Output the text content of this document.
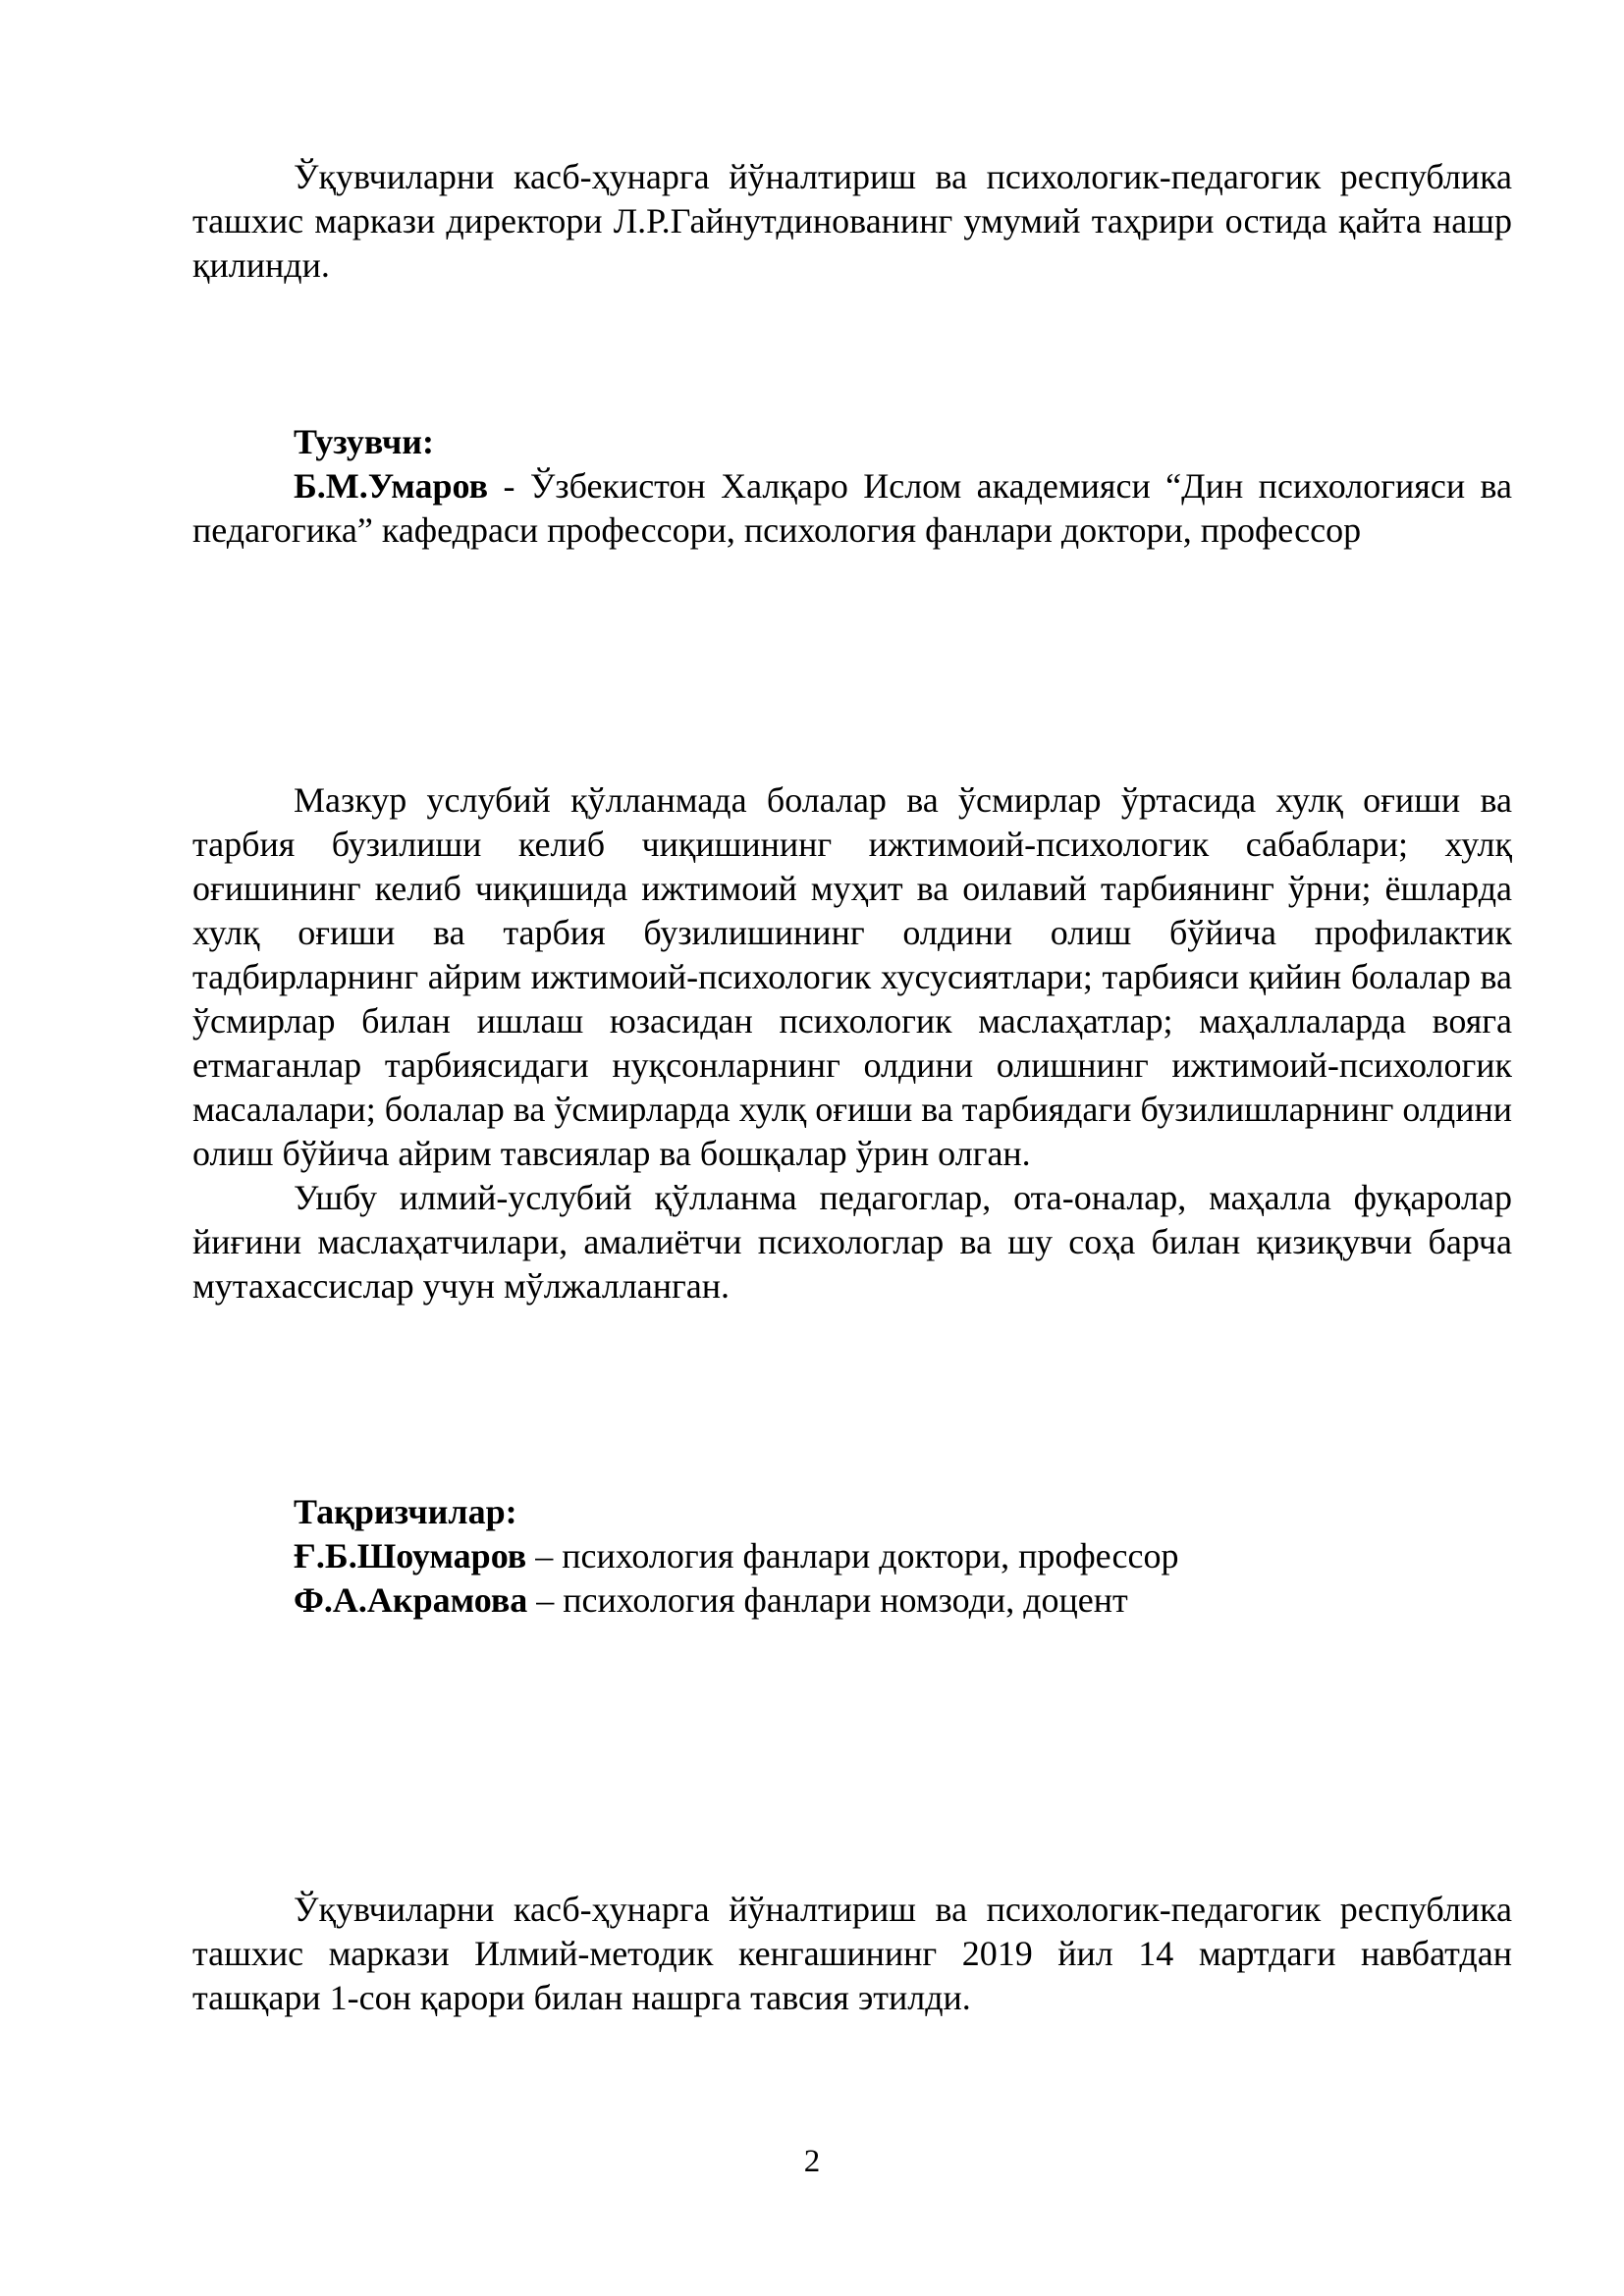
Ўқувчиларни касб-ҳунарга йўналтириш ва психологик-педагогик республика ташхис маркази директори Л.Р.Гайнутдинованинг умумий таҳрири остида қайта нашр қилинди.

Тузувчи:

Б.М.Умаров - Ўзбекистон Халқаро Ислом академияси “Дин психологияси ва педагогика” кафедраси профессори, психология фанлари доктори, профессор

Мазкур услубий қўлланмада болалар ва ўсмирлар ўртасида хулқ оғиши ва тарбия бузилиши келиб чиқишининг ижтимоий-психологик сабаблари; хулқ оғишининг келиб чиқишида ижтимоий муҳит ва оилавий тарбиянинг ўрни; ёшларда хулқ оғиши ва тарбия бузилишининг олдини олиш бўйича профилактик тадбирларнинг айрим ижтимоий-психологик хусусиятлари; тарбияси қийин болалар ва ўсмирлар билан ишлаш юзасидан психологик маслаҳатлар; маҳаллаларда вояга етмаганлар тарбиясидаги нуқсонларнинг олдини олишнинг ижтимоий-психологик масалалари; болалар ва ўсмирларда хулқ оғиши ва тарбиядаги бузилишларнинг олдини олиш бўйича айрим тавсиялар ва бошқалар ўрин олган.

Ушбу илмий-услубий қўлланма педагоглар, ота-оналар, маҳалла фуқаролар йиғини маслаҳатчилари, амалиётчи психологлар ва шу соҳа билан қизиқувчи барча мутахассислар учун мўлжалланган.

Тақризчилар:

Ғ.Б.Шоумаров – психология фанлари доктори, профессор

Ф.А.Акрамова – психология фанлари номзоди, доцент

Ўқувчиларни касб-ҳунарга йўналтириш ва психологик-педагогик республика ташхис маркази Илмий-методик кенгашининг 2019 йил 14 мартдаги навбатдан ташқари 1-сон қарори билан нашрга тавсия этилди.

2
